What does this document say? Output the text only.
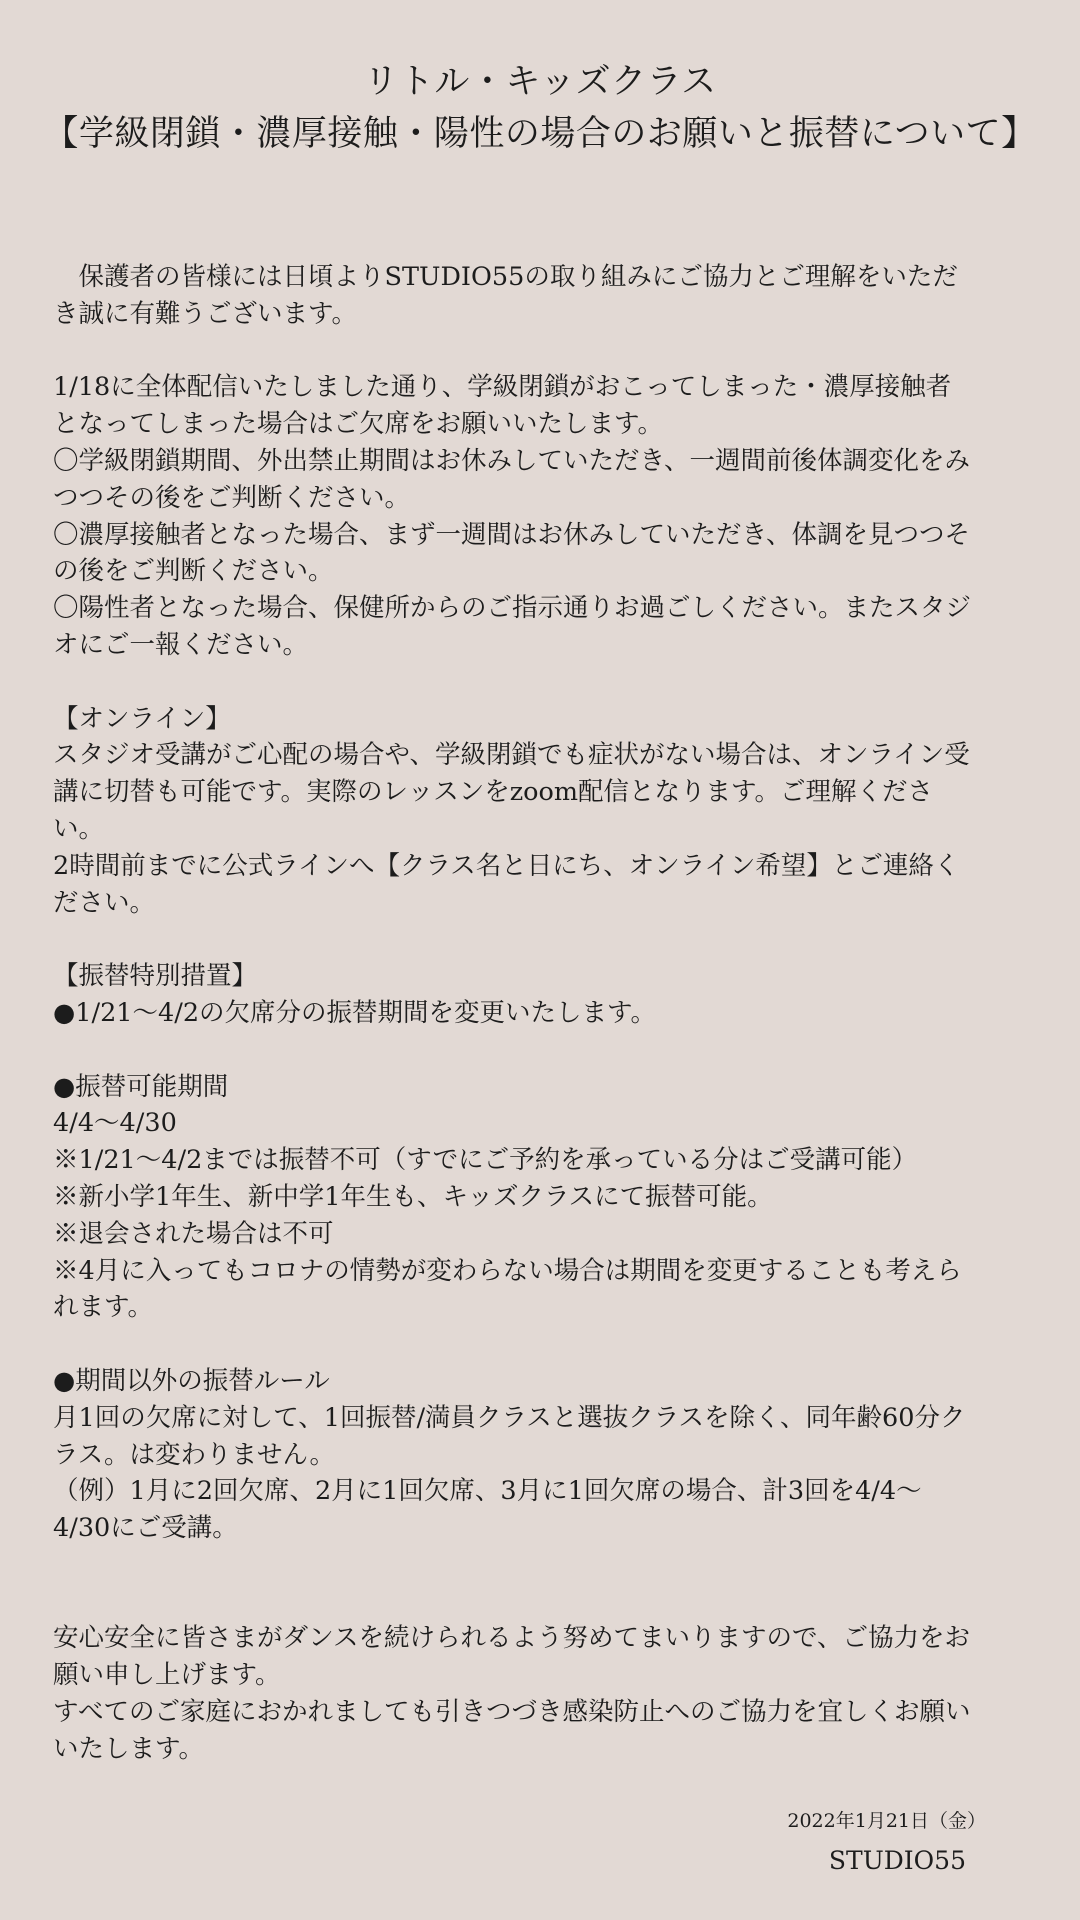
リトル・キッズクラス
【学級閉鎖・濃厚接触・陽性の場合のお願いと振替について】
　保護者の皆様には日頃よりSTUDIO55の取り組みにご協力とご理解をいただ
き誠に有難うございます。
1/18に全体配信いたしました通り、学級閉鎖がおこってしまった・濃厚接触者
となってしまった場合はご欠席をお願いいたします。
〇学級閉鎖期間、外出禁止期間はお休みしていただき、一週間前後体調変化をみ
つつその後をご判断ください。
〇濃厚接触者となった場合、まず一週間はお休みしていただき、体調を見つつそ
の後をご判断ください。
〇陽性者となった場合、保健所からのご指示通りお過ごしください。またスタジ
オにご一報ください。
【オンライン】
スタジオ受講がご心配の場合や、学級閉鎖でも症状がない場合は、オンライン受
講に切替も可能です。実際のレッスンをzoom配信となります。ご理解くださ
い。
2時間前までに公式ラインへ【クラス名と日にち、オンライン希望】とご連絡く
ださい。
【振替特別措置】
●1/21～4/2の欠席分の振替期間を変更いたします。
●振替可能期間
4/4～4/30
※1/21～4/2までは振替不可（すでにご予約を承っている分はご受講可能）
※新小学1年生、新中学1年生も、キッズクラスにて振替可能。
※退会された場合は不可
※4月に入ってもコロナの情勢が変わらない場合は期間を変更することも考えら
れます。
●期間以外の振替ルール
月1回の欠席に対して、1回振替/満員クラスと選抜クラスを除く、同年齢60分ク
ラス。は変わりません。
（例）1月に2回欠席、2月に1回欠席、3月に1回欠席の場合、計3回を4/4～
4/30にご受講。
安心安全に皆さまがダンスを続けられるよう努めてまいりますので、ご協力をお
願い申し上げます。
すべてのご家庭におかれましても引きつづき感染防止へのご協力を宜しくお願い
いたします。
2022年1月21日（金）
STUDIO55
